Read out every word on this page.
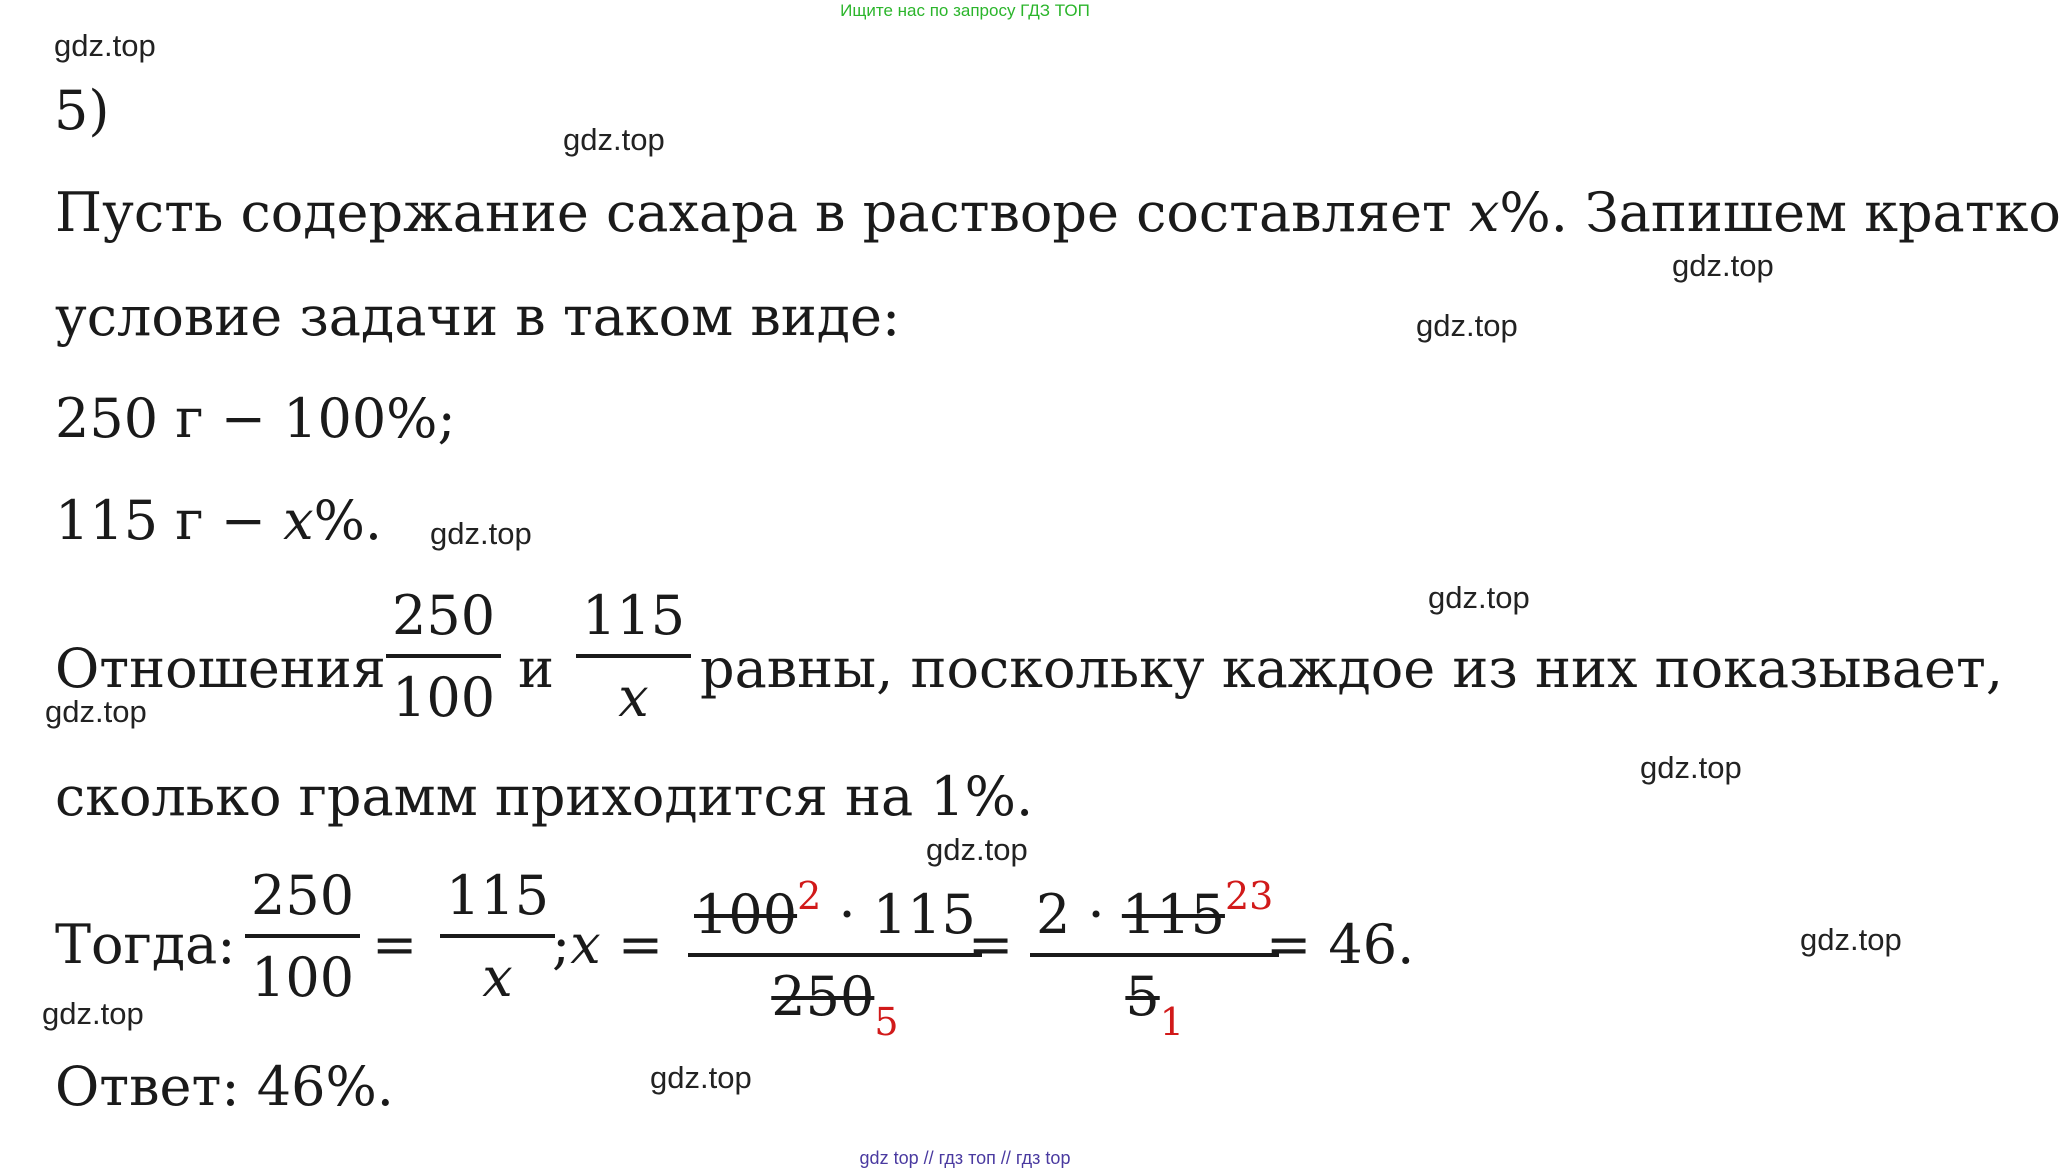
Ищите нас по запросу ГДЗ ТОП
gdz.top
gdz.top
gdz.top
gdz.top
gdz.top
gdz.top
gdz.top
gdz.top
gdz.top
gdz.top
gdz.top
gdz.top
5)
Пусть содержание сахара в растворе составляет x%. Запишем кратко
условие задачи в таком виде:
250 г − 100%;
115 г − x%.
Отношения
250
100 и
115
x равны, поскольку каждое из них показывает,
сколько грамм приходится на 1%.
Тогда:
250
100
=
115
x
;x = $100^2 \cdot 115$
$250_5$
= $2 \cdot 115^{23}$
$5_1$
= 46.
Ответ: 46%.
gdz top // гдз топ // гдз top
